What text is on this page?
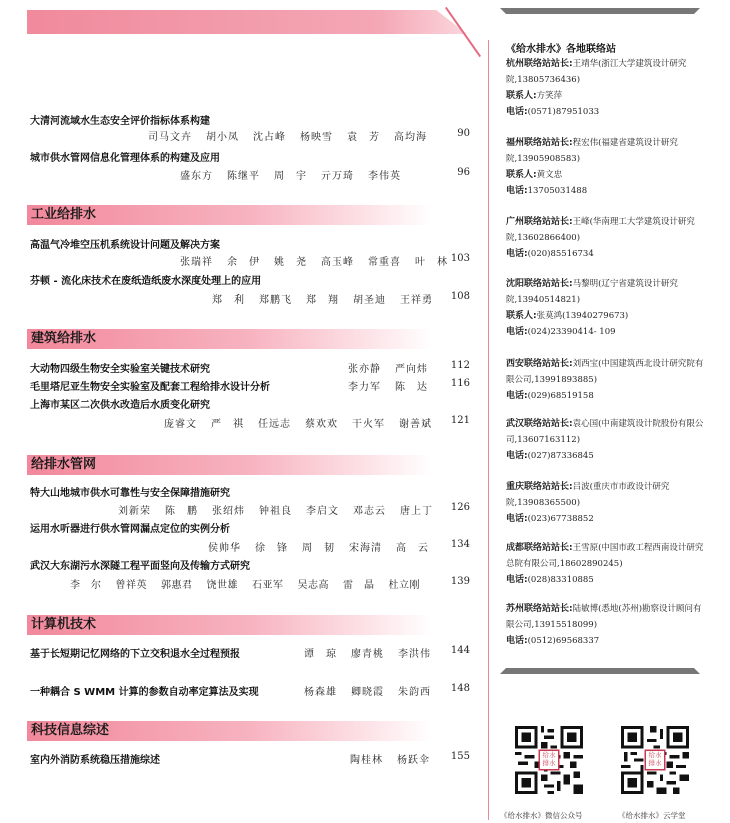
大清河流域水生态安全评价指标体系构建
司马文卉 胡小凤 沈占峰 杨映雪 袁　芳 高均海	90
城市供水管网信息化管理体系的构建及应用
盛东方 陈继平 周　宇 亓万琦 李伟英	96
工业给排水
高温气冷堆空压机系统设计问题及解决方案
张瑞祥 余　伊 姚　尧 高玉峰 常重喜 叶　林 103
芬顿 - 流化床技术在废纸造纸废水深度处理上的应用
郑　利 郑鹏飞 郑　翔 胡圣迪 王祥勇	108
建筑给排水
大动物四级生物安全实验室关键技术研究	张亦静 严向炜	112
毛里塔尼亚生物安全实验室及配套工程给排水设计分析	李力军 陈　达	116
上海市某区二次供水改造后水质变化研究
庞睿文 严　祺 任远志 蔡欢欢 干火军 谢善斌	121
给排水管网
特大山地城市供水可靠性与安全保障措施研究
刘新荣 陈　鹏 张绍炜 钟祖良 李启文 邓志云 唐上丁	126
运用水听器进行供水管网漏点定位的实例分析
侯帅华 徐　锋 周　韧 宋海清 高　云	134
武汉大东湖污水深隧工程平面竖向及传输方式研究
李　尔 曾祥英 郭惠君 饶世雄 石亚军 吴志高 雷　晶 杜立刚	139
计算机技术
基于长短期记忆网络的下立交积退水全过程预报	谭　琼 廖青桃 李洪伟	144
一种耦合 S WMM 计算的参数自动率定算法及实现	杨森雄 卿晓霞 朱韵西	148
科技信息综述
室内外消防系统稳压措施综述	陶桂林 杨跃伞	155
《给水排水》各地联络站
杭州联络站站长:王靖华(浙江大学建筑设计研究院,13805736436)
联系人:方笑萍
电话:(0571)87951033
福州联络站站长:程宏伟(福建省建筑设计研究院,13905908583)
联系人:黄文忠
电话:13705031488
广州联络站站长:王峰(华南理工大学建筑设计研究院,13602866400)
电话:(020)85516734
沈阳联络站站长:马黎明(辽宁省建筑设计研究院,13940514821)
联系人:张莫鸿(13940279673)
电话:(024)23390414- 109
西安联络站站长:刘西宝(中国建筑西北设计研究院有限公司,13991893885)
电话:(029)68519158
武汉联络站站长:袁心国(中南建筑设计院股份有限公司,13607163112)
电话:(027)87336845
重庆联络站站长:吕波(重庆市市政设计研究院,13908365500)
电话:(023)67738852
成都联络站站长:王雪原(中国市政工程西南设计研究总院有限公司,18602890245)
电话:(028)83310885
苏州联络站站长:陆敏博(悉地(苏州)勘察设计顾问有限公司,13915518099)
电话:(0512)69568337
给水排水
给水排水
《给水排水》微信公众号	《给水排水》云学堂
